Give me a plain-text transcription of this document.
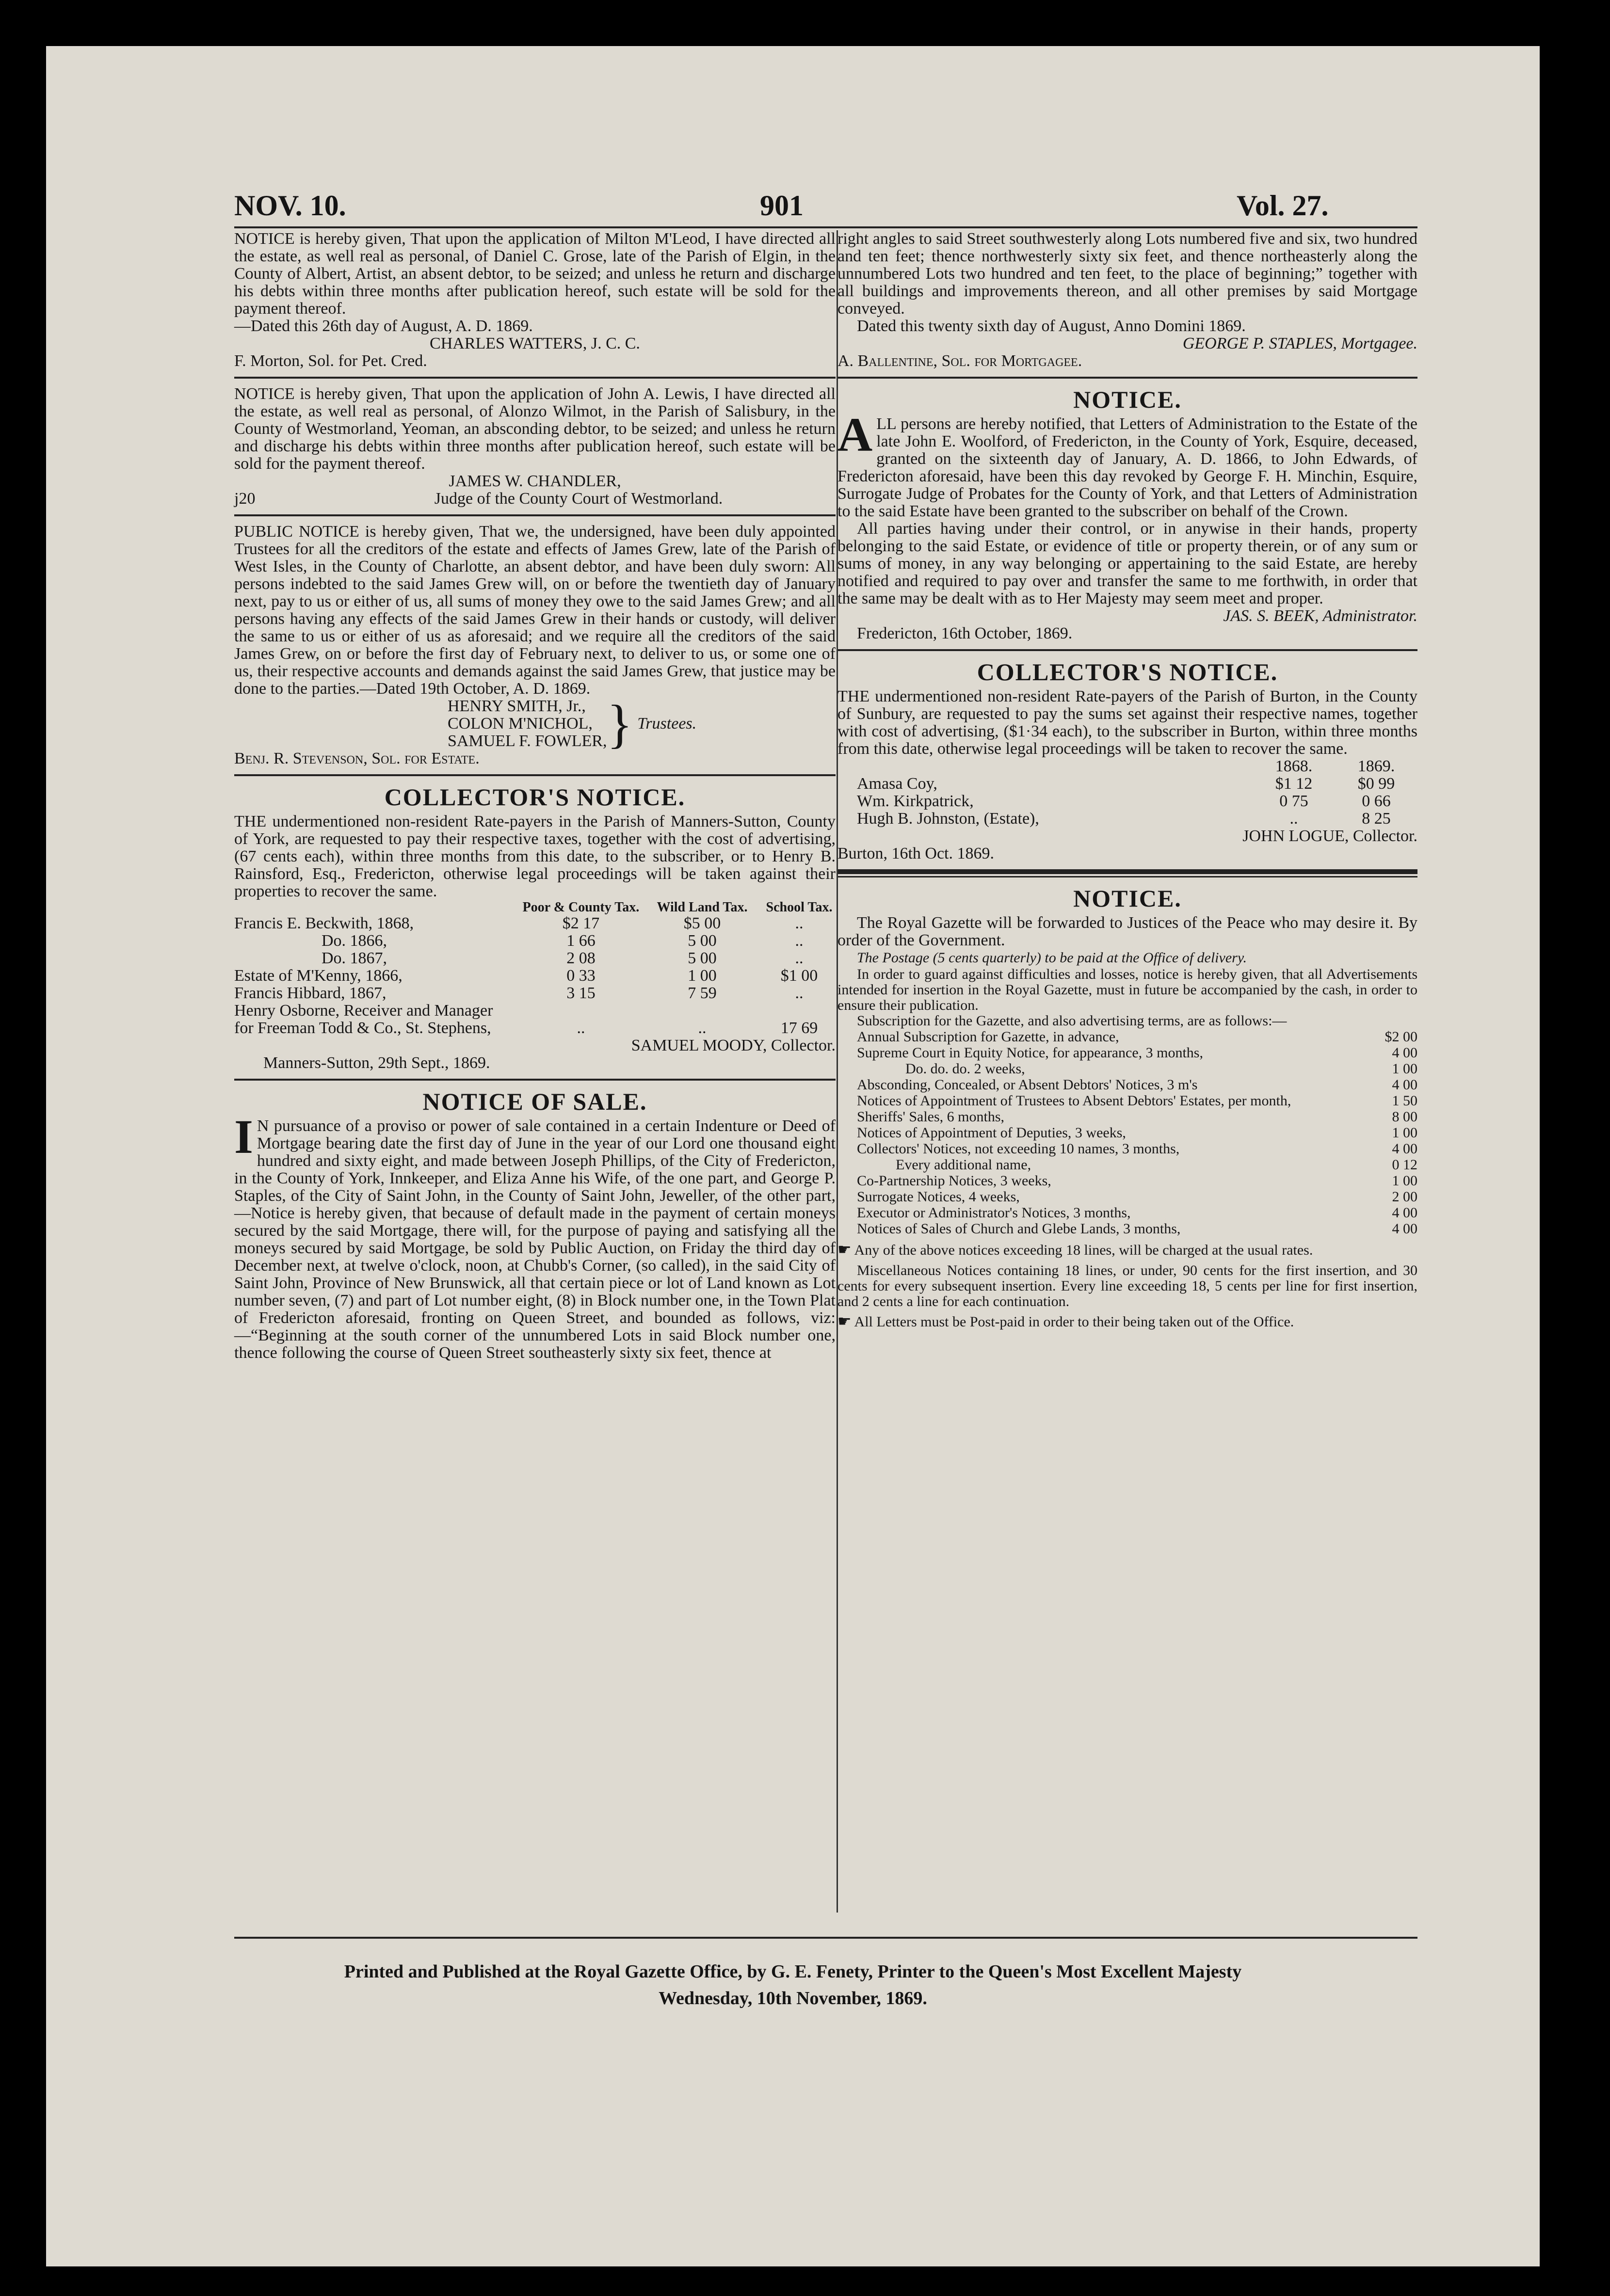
NOV. 10.	901	Vol. 27.

NOTICE is hereby given, That upon the application of Milton M'Leod, I have directed all the estate, as well real as personal, of Daniel C. Grose, late of the Parish of Elgin, in the County of Albert, Artist, an absent debtor, to be seized; and unless he return and discharge his debts within three months after publication hereof, such estate will be sold for the payment thereof.

—Dated this 26th day of August, A. D. 1869.

CHARLES WATTERS, J. C. C.

F. Morton, Sol. for Pet. Cred.

NOTICE is hereby given, That upon the application of John A. Lewis, I have directed all the estate, as well real as personal, of Alonzo Wilmot, in the Parish of Salisbury, in the County of Westmorland, Yeoman, an absconding debtor, to be seized; and unless he return and discharge his debts within three months after publication hereof, such estate will be sold for the payment thereof.

JAMES W. CHANDLER,

j20	Judge of the County Court of Westmorland.

PUBLIC NOTICE is hereby given, That we, the undersigned, have been duly appointed Trustees for all the creditors of the estate and effects of James Grew, late of the Parish of West Isles, in the County of Charlotte, an absent debtor, and have been duly sworn: All persons indebted to the said James Grew will, on or before the twentieth day of January next, pay to us or either of us, all sums of money they owe to the said James Grew; and all persons having any effects of the said James Grew in their hands or custody, will deliver the same to us or either of us as aforesaid; and we require all the creditors of the said James Grew, on or before the first day of February next, to deliver to us, or some one of us, their respective accounts and demands against the said James Grew, that justice may be done to the parties.—Dated 19th October, A. D. 1869.

HENRY SMITH, Jr.,

COLON M'NICHOL,

SAMUEL F. FOWLER, } Trustees.

Benj. R. Stevenson, Sol. for Estate.

COLLECTOR'S NOTICE.

THE undermentioned non-resident Rate-payers in the Parish of Manners-Sutton, County of York, are requested to pay their respective taxes, together with the cost of advertising, (67 cents each), within three months from this date, to the subscriber, or to Henry B. Rainsford, Esq., Fredericton, otherwise legal proceedings will be taken against their properties to recover the same.

Poor & County Tax.	Wild Land Tax.	School Tax.
Francis E. Beckwith, 1868,	$2 17	$5 00	..
Do. 1866,	1 66	5 00	..
Do. 1867,	2 08	5 00	..
Estate of M'Kenny, 1866,	0 33	1 00	$1 00
Francis Hibbard, 1867,	3 15	7 59	..
Henry Osborne, Receiver and Manager for Freeman Todd & Co., St. Stephens,	..	..	17 69

SAMUEL MOODY, Collector.

Manners-Sutton, 29th Sept., 1869.

NOTICE OF SALE.

I N pursuance of a proviso or power of sale contained in a certain Indenture or Deed of Mortgage bearing date the first day of June in the year of our Lord one thousand eight hundred and sixty eight, and made between Joseph Phillips, of the City of Fredericton, in the County of York, Innkeeper, and Eliza Anne his Wife, of the one part, and George P. Staples, of the City of Saint John, in the County of Saint John, Jeweller, of the other part,—Notice is hereby given, that because of default made in the payment of certain moneys secured by the said Mortgage, there will, for the purpose of paying and satisfying all the moneys secured by said Mortgage, be sold by Public Auction, on Friday the third day of December next, at twelve o'clock, noon, at Chubb's Corner, (so called), in the said City of Saint John, Province of New Brunswick, all that certain piece or lot of Land known as Lot number seven, (7) and part of Lot number eight, (8) in Block number one, in the Town Plat of Fredericton aforesaid, fronting on Queen Street, and bounded as follows, viz:—“Beginning at the south corner of the unnumbered Lots in said Block number one, thence following the course of Queen Street southeasterly sixty six feet, thence at

right angles to said Street southwesterly along Lots numbered five and six, two hundred and ten feet; thence northwesterly sixty six feet, and thence northeasterly along the unnumbered Lots two hundred and ten feet, to the place of beginning;” together with all buildings and improvements thereon, and all other premises by said Mortgage conveyed.

Dated this twenty sixth day of August, Anno Domini 1869.

GEORGE P. STAPLES, Mortgagee.

A. Ballentine, Sol. for Mortgagee.

NOTICE.

ALL persons are hereby notified, that Letters of Administration to the Estate of the late John E. Woolford, of Fredericton, in the County of York, Esquire, deceased, granted on the sixteenth day of January, A. D. 1866, to John Edwards, of Fredericton aforesaid, have been this day revoked by George F. H. Minchin, Esquire, Surrogate Judge of Probates for the County of York, and that Letters of Administration to the said Estate have been granted to the subscriber on behalf of the Crown.

All parties having under their control, or in anywise in their hands, property belonging to the said Estate, or evidence of title or property therein, or of any sum or sums of money, in any way belonging or appertaining to the said Estate, are hereby notified and required to pay over and transfer the same to me forthwith, in order that the same may be dealt with as to Her Majesty may seem meet and proper.

JAS. S. BEEK, Administrator.

Fredericton, 16th October, 1869.

COLLECTOR'S NOTICE.

THE undermentioned non-resident Rate-payers of the Parish of Burton, in the County of Sunbury, are requested to pay the sums set against their respective names, together with cost of advertising, ($1·34 each), to the subscriber in Burton, within three months from this date, otherwise legal proceedings will be taken to recover the same.

1868.	1869.
Amasa Coy,	$1 12	$0 99
Wm. Kirkpatrick,	0 75	0 66
Hugh B. Johnston, (Estate),	..	8 25

JOHN LOGUE, Collector.

Burton, 16th Oct. 1869.

NOTICE.

The Royal Gazette will be forwarded to Justices of the Peace who may desire it. By order of the Government.

The Postage (5 cents quarterly) to be paid at the Office of delivery.

In order to guard against difficulties and losses, notice is hereby given, that all Advertisements intended for insertion in the Royal Gazette, must in future be accompanied by the cash, in order to ensure their publication.

Subscription for the Gazette, and also advertising terms, are as follows:—

Annual Subscription for Gazette, in advance,	$2 00
Supreme Court in Equity Notice, for appearance, 3 months,	4 00
Do. do. do. 2 weeks,	1 00
Absconding, Concealed, or Absent Debtors' Notices, 3 m's	4 00
Notices of Appointment of Trustees to Absent Debtors' Estates, per month,	1 50
Sheriffs' Sales, 6 months,	8 00
Notices of Appointment of Deputies, 3 weeks,	1 00
Collectors' Notices, not exceeding 10 names, 3 months,	4 00
Every additional name,	0 12
Co-Partnership Notices, 3 weeks,	1 00
Surrogate Notices, 4 weeks,	2 00
Executor or Administrator's Notices, 3 months,	4 00
Notices of Sales of Church and Glebe Lands, 3 months,	4 00

☛ Any of the above notices exceeding 18 lines, will be charged at the usual rates.

Miscellaneous Notices containing 18 lines, or under, 90 cents for the first insertion, and 30 cents for every subsequent insertion. Every line exceeding 18, 5 cents per line for first insertion, and 2 cents a line for each continuation.

☛ All Letters must be Post-paid in order to their being taken out of the Office.

Printed and Published at the Royal Gazette Office, by G. E. Fenety, Printer to the Queen's Most Excellent Majesty
Wednesday, 10th November, 1869.
